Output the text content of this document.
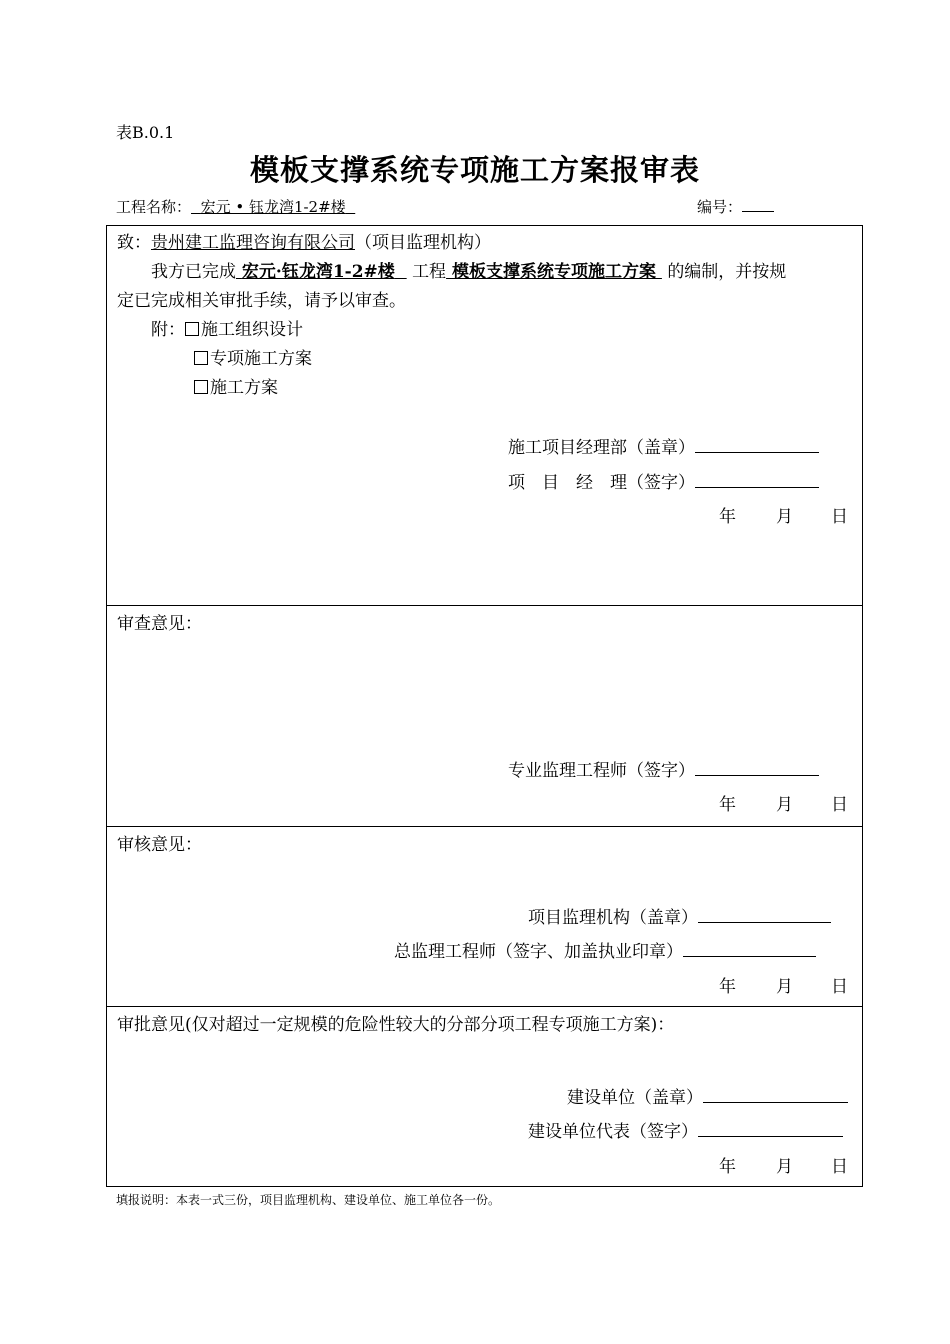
表B.0.1
模板支撑系统专项施工方案报审表
工程名称： 宏元 • 钰龙湾1-2#楼	编号：
致：贵州建工监理咨询有限公司（项目监理机构）
我方已完成 宏元·钰龙湾1-2#楼 工程 模板支撑系统专项施工方案 的编制，并按规
定已完成相关审批手续，请予以审查。
附： 施工组织设计
专项施工方案
施工方案
施工项目经理部（盖章）
项　目　经　理（签字）
年 月 日

审查意见：
专业监理工程师（签字）
年 月 日

审核意见：
项目监理机构（盖章）
总监理工程师（签字、加盖执业印章）
年 月 日

审批意见(仅对超过一定规模的危险性较大的分部分项工程专项施工方案)：
建设单位（盖章）
建设单位代表（签字）
年 月 日
填报说明：本表一式三份，项目监理机构、建设单位、施工单位各一份。
